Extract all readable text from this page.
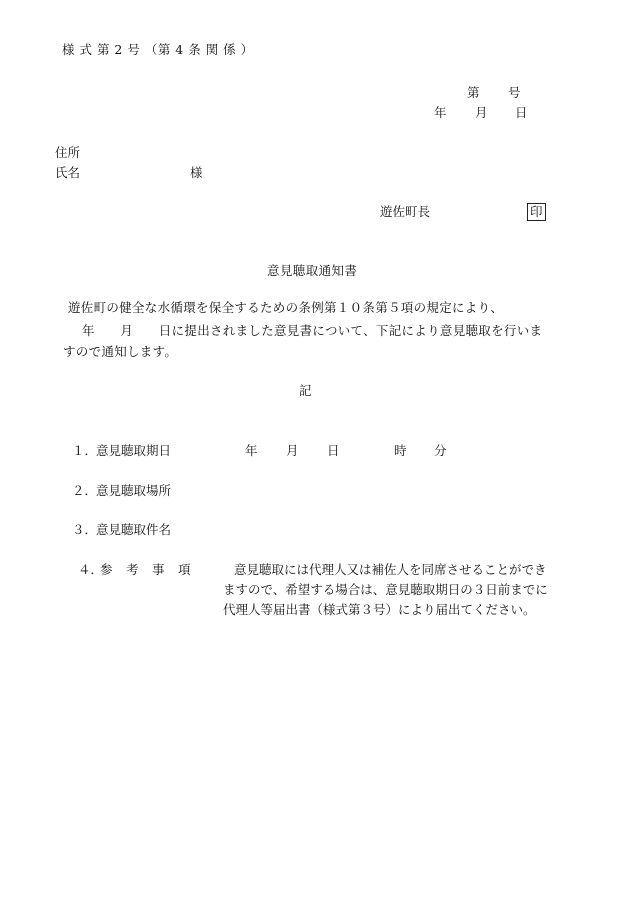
様 式 第 2 号 （第 4 条 関 係 ）
第 号
年 月 日
住所
氏名	様
遊佐町長	印
意見聴取通知書
遊佐町の健全な水循環を保全するための条例第１０条第５項の規定により、
年　　月　　日に提出されました意見書について、下記により意見聴取を行いま
すので通知します。
記
１．
意見聴取期日	年 月 日	時 分
２．
意見聴取場所
３．
意見聴取件名
４．
参　考　事　項	意見聴取には代理人又は補佐人を同席させることができ
ますので、希望する場合は、意見聴取期日の３日前までに
代理人等届出書（様式第３号）により届出てください。
